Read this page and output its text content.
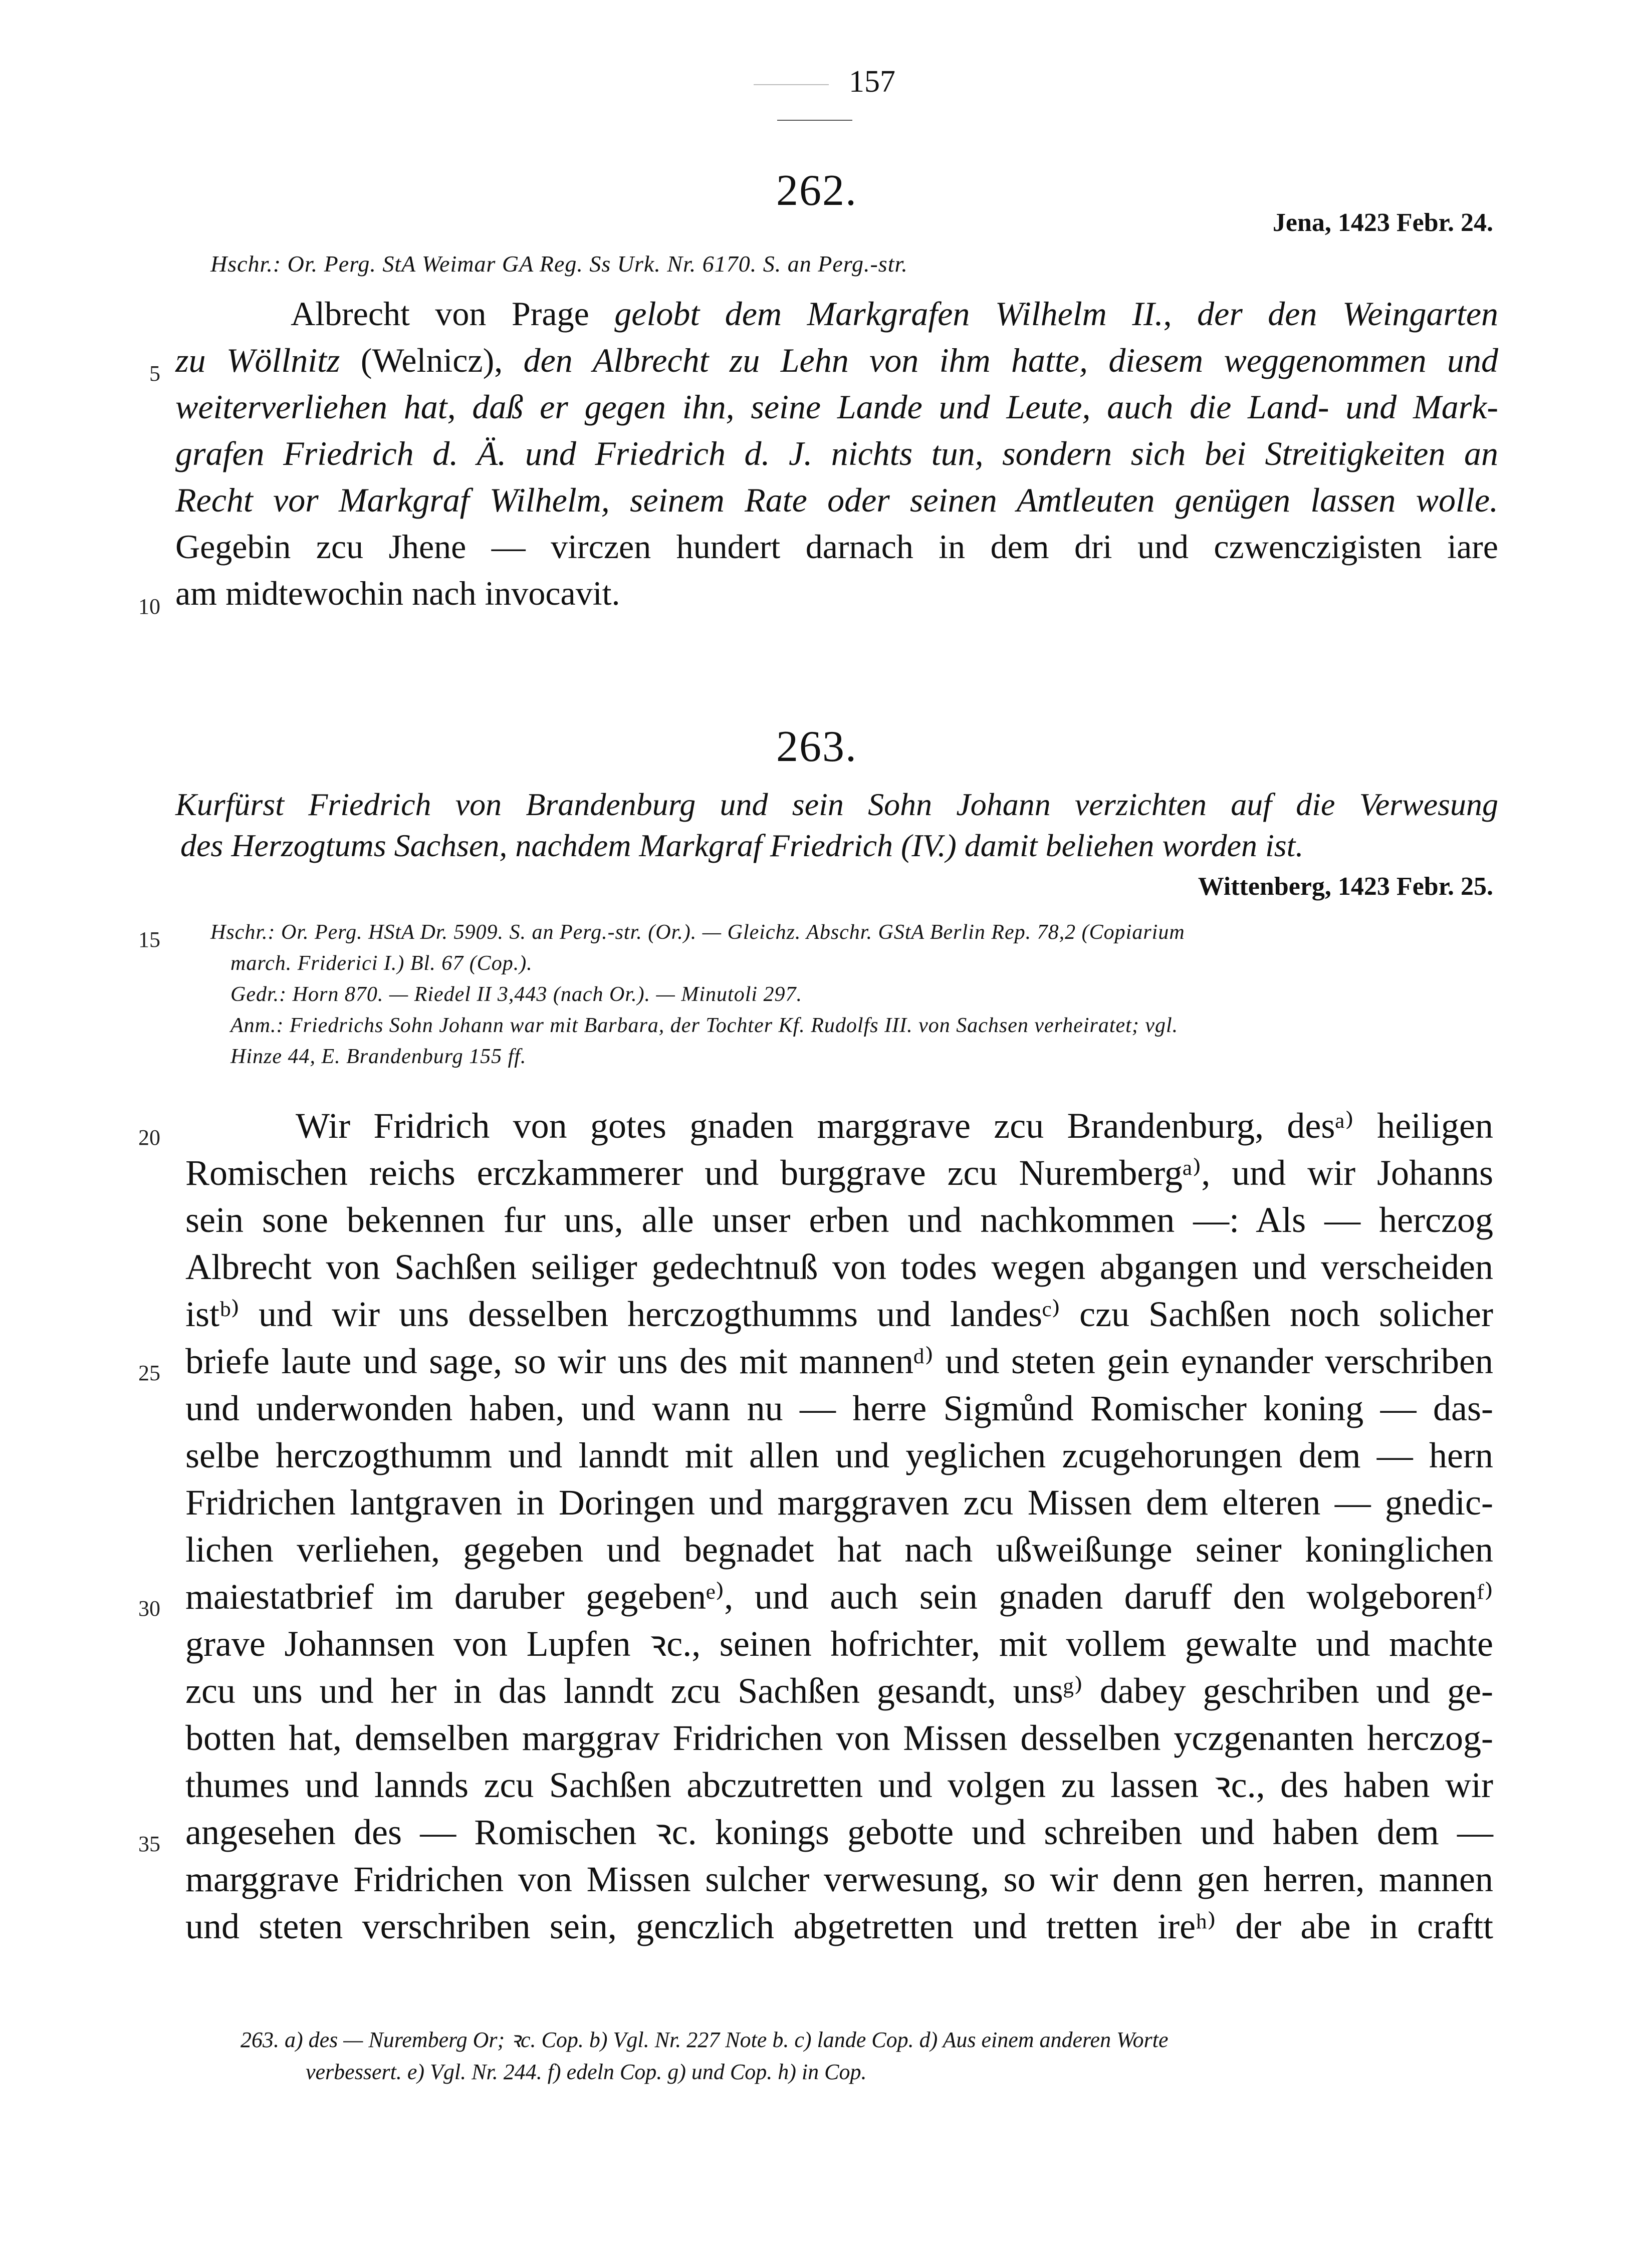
157
262.
Jena, 1423 Febr. 24.
Hschr.: Or. Perg. StA Weimar GA Reg. Ss Urk. Nr. 6170. S. an Perg.-str.
Albrecht von Prage gelobt dem Markgrafen Wilhelm II., der den Weingarten
zu Wöllnitz (Welnicz), den Albrecht zu Lehn von ihm hatte, diesem weggenommen und
weiterverliehen hat, daß er gegen ihn, seine Lande und Leute, auch die Land- und Mark-
grafen Friedrich d. Ä. und Friedrich d. J. nichts tun, sondern sich bei Streitigkeiten an
Recht vor Markgraf Wilhelm, seinem Rate oder seinen Amtleuten genügen lassen wolle.
Gegebin zcu Jhene — virczen hundert darnach in dem dri und czwenczigisten iare
am midtewochin nach invocavit.
5
10
263.
Kurfürst Friedrich von Brandenburg und sein Sohn Johann verzichten auf die Verwesung
des Herzogtums Sachsen, nachdem Markgraf Friedrich (IV.) damit beliehen worden ist.
Wittenberg, 1423 Febr. 25.
15 Hschr.: Or. Perg. HStA Dr. 5909. S. an Perg.-str. (Or.). — Gleichz. Abschr. GStA Berlin Rep. 78,2 (Copiarium
march. Friderici I.) Bl. 67 (Cop.).
Gedr.: Horn 870. — Riedel II 3,443 (nach Or.). — Minutoli 297.
Anm.: Friedrichs Sohn Johann war mit Barbara, der Tochter Kf. Rudolfs III. von Sachsen verheiratet; vgl.
Hinze 44, E. Brandenburg 155 ff.
20
25
30
35
Wir Fridrich von gotes gnaden marggrave zcu Brandenburg, desᵃ⁾ heiligen
Romischen reichs erczkammerer und burggrave zcu Nurembergᵃ⁾, und wir Johanns
sein sone bekennen fur uns, alle unser erben und nachkommen —: Als — herczog
Albrecht von Sachßen seiliger gedechtnuß von todes wegen abgangen und verscheiden
istᵇ⁾ und wir uns desselben herczogthumms und landesᶜ⁾ czu Sachßen noch solicher
briefe laute und sage, so wir uns des mit mannenᵈ⁾ und steten gein eynander verschriben
und underwonden haben, und wann nu — herre Sigmůnd Romischer koning — das-
selbe herczogthumm und lanndt mit allen und yeglichen zcugehorungen dem — hern
Fridrichen lantgraven in Doringen und marggraven zcu Missen dem elteren — gnedic-
lichen verliehen, gegeben und begnadet hat nach ußweißunge seiner koninglichen
maiestatbrief im daruber gegebenᵉ⁾, und auch sein gnaden daruff den wolgeborenᶠ⁾
grave Johannsen von Lupfen ꝛc., seinen hofrichter, mit vollem gewalte und machte
zcu uns und her in das lanndt zcu Sachßen gesandt, unsᵍ⁾ dabey geschriben und ge-
botten hat, demselben marggrav Fridrichen von Missen desselben yczgenanten herczog-
thumes und lannds zcu Sachßen abczutretten und volgen zu lassen ꝛc., des haben wir
angesehen des — Romischen ꝛc. konings gebotte und schreiben und haben dem —
marggrave Fridrichen von Missen sulcher verwesung, so wir denn gen herren, mannen
und steten verschriben sein, genczlich abgetretten und tretten ireʰ⁾ der abe in craftt
263. a) des — Nuremberg Or; ꝛc. Cop. b) Vgl. Nr. 227 Note b. c) lande Cop. d) Aus einem anderen Worte
verbessert. e) Vgl. Nr. 244. f) edeln Cop. g) und Cop. h) in Cop.
